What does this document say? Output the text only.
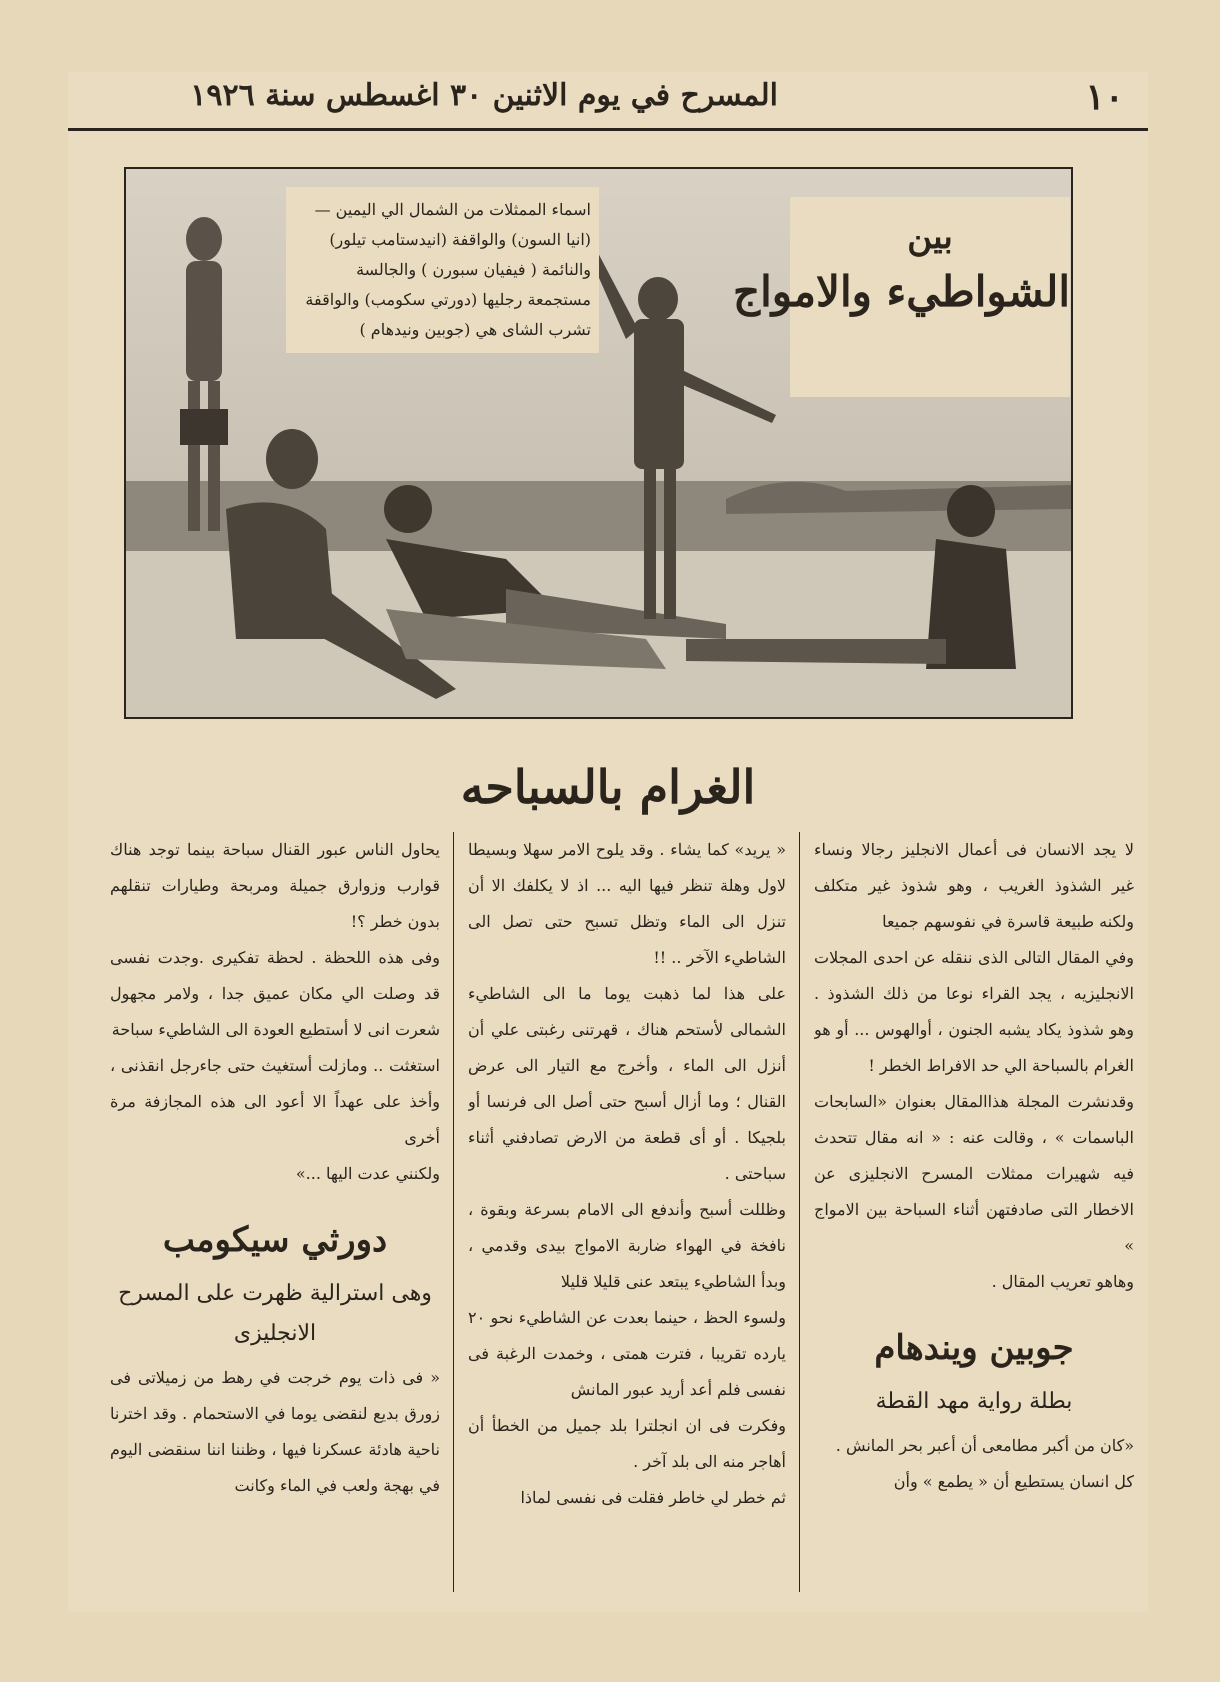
١٠
المسرح في يوم الاثنين ٣٠ اغسطس سنة ١٩٢٦
اسماء الممثلات من الشمال الي اليمين — (انيا السون) والواقفة (انيدستامب تيلور) والنائمة ( فيفيان سبورن ) والجالسة مستجمعة رجليها (دورتي سكومب) والواقفة تشرب الشاى هي (جوبين ونيدهام )
بين
الشواطيء والامواج
الغرام بالسباحه

لا يجد الانسان فى أعمال الانجليز رجالا ونساء غير الشذوذ الغريب ، وهو شذوذ غير متكلف ولكنه طبيعة قاسرة في نفوسهم جميعا

وفي المقال التالى الذى ننقله عن احدى المجلات الانجليزيه ، يجد القراء نوعا من ذلك الشذوذ . وهو شذوذ يكاد يشبه الجنون ، أوالهوس ... أو هو الغرام بالسباحة الي حد الافراط الخطر !

وقدنشرت المجلة هذاالمقال بعنوان «السابحات الباسمات » ، وقالت عنه : « انه مقال تتحدث فيه شهيرات ممثلات المسرح الانجليزى عن الاخطار التى صادفتهن أثناء السباحة بين الامواج »

وهاهو تعريب المقال .

جوبين ويندهام
بطلة رواية مهد القطة

«كان من أكبر مطامعى أن أعبر بحر المانش .

كل انسان يستطيع أن « يطمع » وأن

« يريد» كما يشاء . وقد يلوح الامر سهلا وبسيطا لاول وهلة تنظر فيها اليه ... اذ لا يكلفك الا أن تنزل الى الماء وتظل تسبح حتى تصل الى الشاطيء الآخر .. !!

على هذا لما ذهبت يوما ما الى الشاطيء الشمالى لأستحم هناك ، قهرتنى رغبتى علي أن أنزل الى الماء ، وأخرج مع التيار الى عرض القنال ؛ وما أزال أسبح حتى أصل الى فرنسا أو بلجيكا . أو أى قطعة من الارض تصادفني أثناء سباحتى .

وظللت أسبح وأندفع الى الامام بسرعة وبقوة ، نافخة في الهواء ضاربة الامواج بيدى وقدمي ، وبدأ الشاطيء يبتعد عنى قليلا قليلا

ولسوء الحظ ، حينما بعدت عن الشاطيء نحو ٢٠ يارده تقريبا ، فترت همتى ، وخمدت الرغبة فى نفسى فلم أعد أريد عبور المانش

وفكرت فى ان انجلترا بلد جميل من الخطأ أن أهاجر منه الى بلد آخر .

ثم خطر لي خاطر فقلت فى نفسى لماذا

يحاول الناس عبور القنال سباحة بينما توجد هناك قوارب وزوارق جميلة ومربحة وطيارات تنقلهم بدون خطر ؟!

وفى هذه اللحظة . لحظة تفكيرى .وجدت نفسى قد وصلت الي مكان عميق جدا ، ولامر مجهول شعرت انى لا أستطيع العودة الى الشاطيء سباحة

استغثت .. ومازلت أستغيث حتى جاءرجل انقذنى ، وأخذ على عهداً الا أعود الى هذه المجازفة مرة أخرى

ولكنني عدت اليها ...»

دورثي سيكومب
وهى استرالية ظهرت على المسرح الانجليزى

« فى ذات يوم خرجت في رهط من زميلاتى فى زورق بديع لنقضى يوما في الاستحمام . وقد اخترنا ناحية هادئة عسكرنا فيها ، وظننا اننا سنقضى اليوم في بهجة ولعب في الماء وكانت
